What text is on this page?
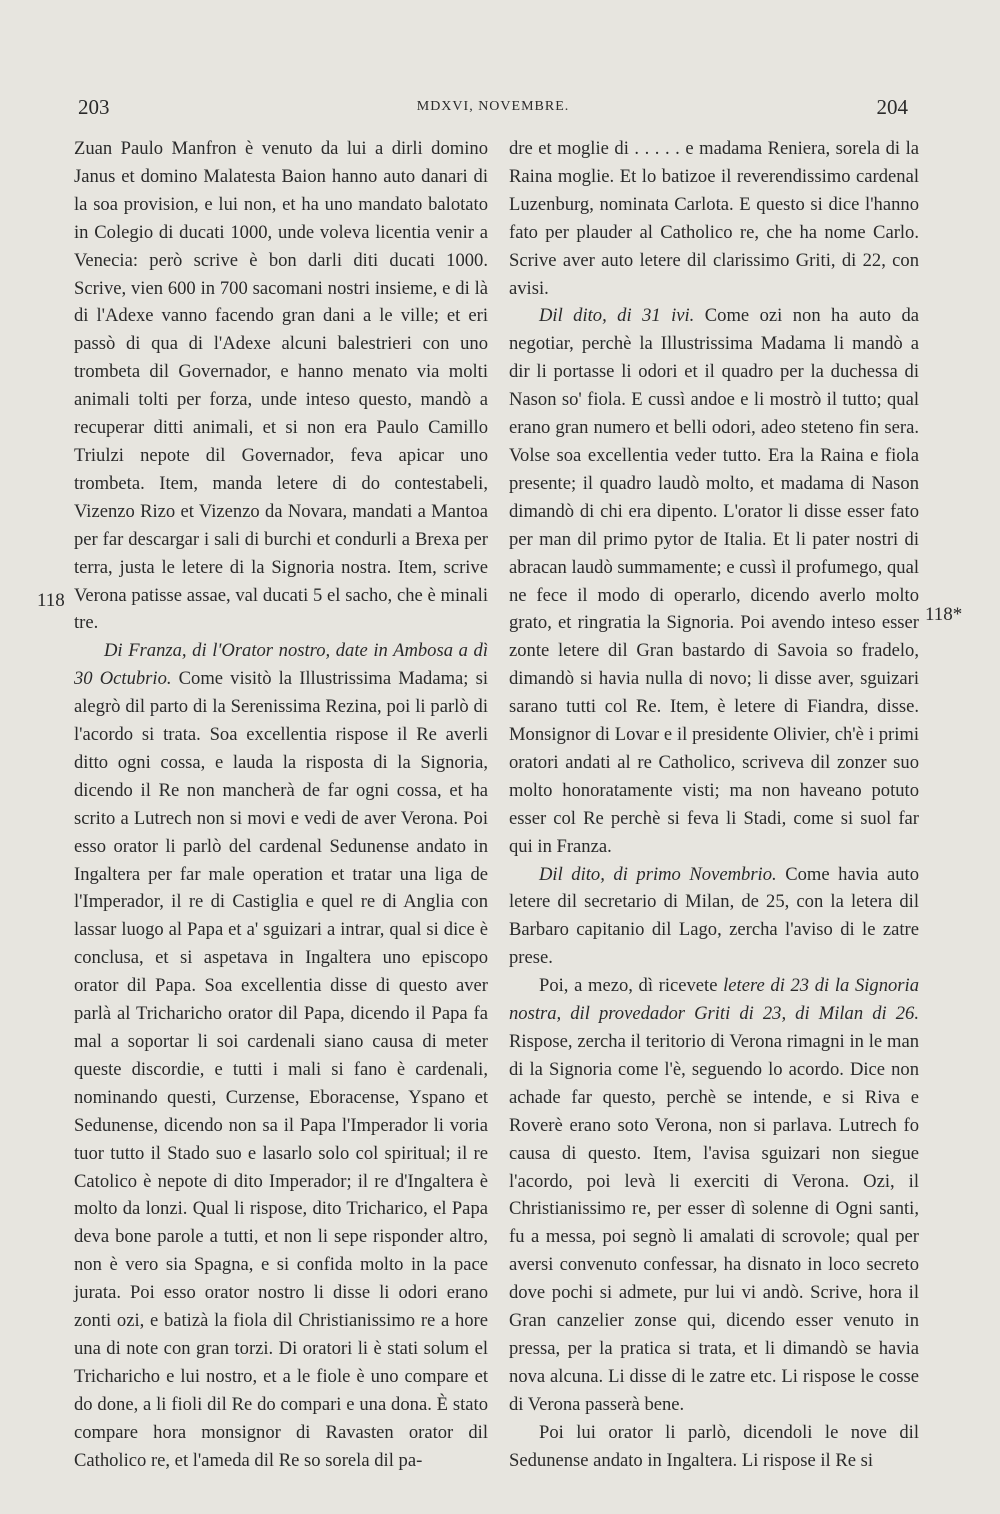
203	MDXVI, NOVEMBRE.	204
118
118*

Zuan Paulo Manfron è venuto da lui a dirli domino Janus et domino Malatesta Baion hanno auto danari di la soa provision, e lui non, et ha uno mandato balotato in Colegio di ducati 1000, unde voleva licentia venir a Venecia: però scrive è bon darli diti ducati 1000. Scrive, vien 600 in 700 sacomani nostri insieme, e di là di l'Adexe vanno facendo gran dani a le ville; et eri passò di qua di l'Adexe alcuni balestrieri con uno trombeta dil Governador, e hanno menato via molti animali tolti per forza, unde inteso questo, mandò a recuperar ditti animali, et si non era Paulo Camillo Triulzi nepote dil Governador, feva apicar uno trombeta. Item, manda letere di do contestabeli, Vizenzo Rizo et Vizenzo da Novara, mandati a Mantoa per far descargar i sali di burchi et condurli a Brexa per terra, justa le letere di la Signoria nostra. Item, scrive Verona patisse assae, val ducati 5 el sacho, che è minali tre.

Di Franza, di l'Orator nostro, date in Ambosa a dì 30 Octubrio. Come visitò la Illustrissima Madama; si alegrò dil parto di la Serenissima Rezina, poi li parlò di l'acordo si trata. Soa excellentia rispose il Re averli ditto ogni cossa, e lauda la risposta di la Signoria, dicendo il Re non mancherà de far ogni cossa, et ha scrito a Lutrech non si movi e vedi de aver Verona. Poi esso orator li parlò del cardenal Sedunense andato in Ingaltera per far male operation et tratar una liga de l'Imperador, il re di Castiglia e quel re di Anglia con lassar luogo al Papa et a' sguizari a intrar, qual si dice è conclusa, et si aspetava in Ingaltera uno episcopo orator dil Papa. Soa excellentia disse di questo aver parlà al Tricharicho orator dil Papa, dicendo il Papa fa mal a soportar li soi cardenali siano causa di meter queste discordie, e tutti i mali si fano è cardenali, nominando questi, Curzense, Eboracense, Yspano et Sedunense, dicendo non sa il Papa l'Imperador li voria tuor tutto il Stado suo e lasarlo solo col spiritual; il re Catolico è nepote di dito Imperador; il re d'Ingaltera è molto da lonzi. Qual li rispose, dito Tricharico, el Papa deva bone parole a tutti, et non li sepe risponder altro, non è vero sia Spagna, e si confida molto in la pace jurata. Poi esso orator nostro li disse li odori erano zonti ozi, e batizà la fiola dil Christianissimo re a hore una di note con gran torzi. Di oratori li è stati solum el Tricharicho e lui nostro, et a le fiole è uno compare et do done, a li fioli dil Re do compari e una dona. È stato compare hora monsignor di Ravasten orator dil Catholico re, et l'ameda dil Re so sorela dil pa-

dre et moglie di . . . . . e madama Reniera, sorela di la Raina moglie. Et lo batizoe il reverendissimo cardenal Luzenburg, nominata Carlota. E questo si dice l'hanno fato per plauder al Catholico re, che ha nome Carlo. Scrive aver auto letere dil clarissimo Griti, di 22, con avisi.

Dil dito, di 31 ivi. Come ozi non ha auto da negotiar, perchè la Illustrissima Madama li mandò a dir li portasse li odori et il quadro per la duchessa di Nason so' fiola. E cussì andoe e li mostrò il tutto; qual erano gran numero et belli odori, adeo steteno fin sera. Volse soa excellentia veder tutto. Era la Raina e fiola presente; il quadro laudò molto, et madama di Nason dimandò di chi era dipento. L'orator li disse esser fato per man dil primo pytor de Italia. Et li pater nostri di abracan laudò summamente; e cussì il profumego, qual ne fece il modo di operarlo, dicendo averlo molto grato, et ringratia la Signoria. Poi avendo inteso esser zonte letere dil Gran bastardo di Savoia so fradelo, dimandò si havia nulla di novo; li disse aver, sguizari sarano tutti col Re. Item, è letere di Fiandra, disse. Monsignor di Lovar e il presidente Olivier, ch'è i primi oratori andati al re Catholico, scriveva dil zonzer suo molto honoratamente visti; ma non haveano potuto esser col Re perchè si feva li Stadi, come si suol far qui in Franza.

Dil dito, di primo Novembrio. Come havia auto letere dil secretario di Milan, de 25, con la letera dil Barbaro capitanio dil Lago, zercha l'aviso di le zatre prese.

Poi, a mezo, dì ricevete letere di 23 di la Signoria nostra, dil provedador Griti di 23, di Milan di 26. Rispose, zercha il teritorio di Verona rimagni in le man di la Signoria come l'è, seguendo lo acordo. Dice non achade far questo, perchè se intende, e si Riva e Roverè erano soto Verona, non si parlava. Lutrech fo causa di questo. Item, l'avisa sguizari non siegue l'acordo, poi levà li exerciti di Verona. Ozi, il Christianissimo re, per esser dì solenne di Ogni santi, fu a messa, poi segnò li amalati di scrovole; qual per aversi convenuto confessar, ha disnato in loco secreto dove pochi si admete, pur lui vi andò. Scrive, hora il Gran canzelier zonse qui, dicendo esser venuto in pressa, per la pratica si trata, et li dimandò se havia nova alcuna. Li disse di le zatre etc. Li rispose le cosse di Verona passerà bene.

Poi lui orator li parlò, dicendoli le nove dil Sedunense andato in Ingaltera. Li rispose il Re si
